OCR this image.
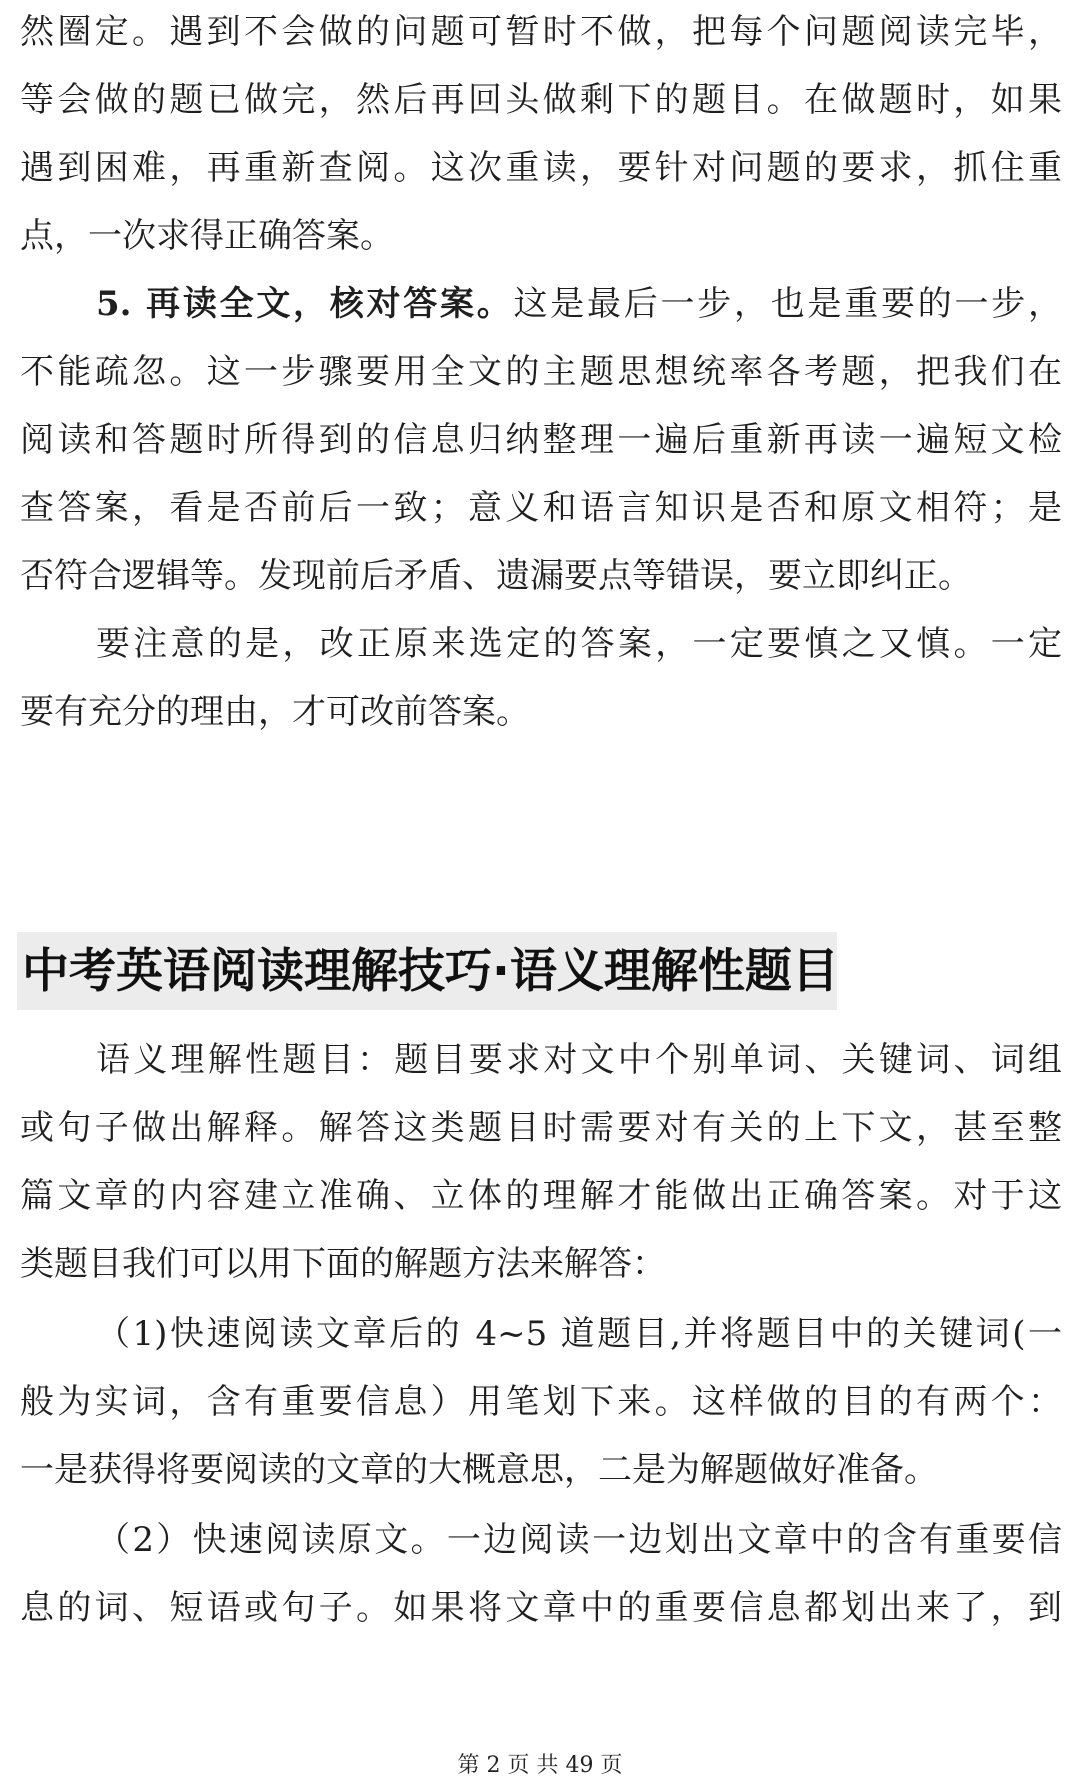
然圈定。遇到不会做的问题可暂时不做，把每个问题阅读完毕，
等会做的题已做完，然后再回头做剩下的题目。在做题时，如果
遇到困难，再重新查阅。这次重读，要针对问题的要求，抓住重
点，一次求得正确答案。
5. 再读全文，核对答案。这是最后一步，也是重要的一步，
不能疏忽。这一步骤要用全文的主题思想统率各考题，把我们在
阅读和答题时所得到的信息归纳整理一遍后重新再读一遍短文检
查答案，看是否前后一致；意义和语言知识是否和原文相符；是
否符合逻辑等。发现前后矛盾、遗漏要点等错误，要立即纠正。
要注意的是，改正原来选定的答案，一定要慎之又慎。一定
要有充分的理由，才可改前答案。
中考英语阅读理解技巧·语义理解性题目
语义理解性题目：题目要求对文中个别单词、关键词、词组
或句子做出解释。解答这类题目时需要对有关的上下文，甚至整
篇文章的内容建立准确、立体的理解才能做出正确答案。对于这
类题目我们可以用下面的解题方法来解答：
（1)快速阅读文章后的 4~5 道题目,并将题目中的关键词(一
般为实词，含有重要信息）用笔划下来。这样做的目的有两个：
一是获得将要阅读的文章的大概意思，二是为解题做好准备。
（2）快速阅读原文。一边阅读一边划出文章中的含有重要信
息的词、短语或句子。如果将文章中的重要信息都划出来了，到
第 2 页 共 49 页
